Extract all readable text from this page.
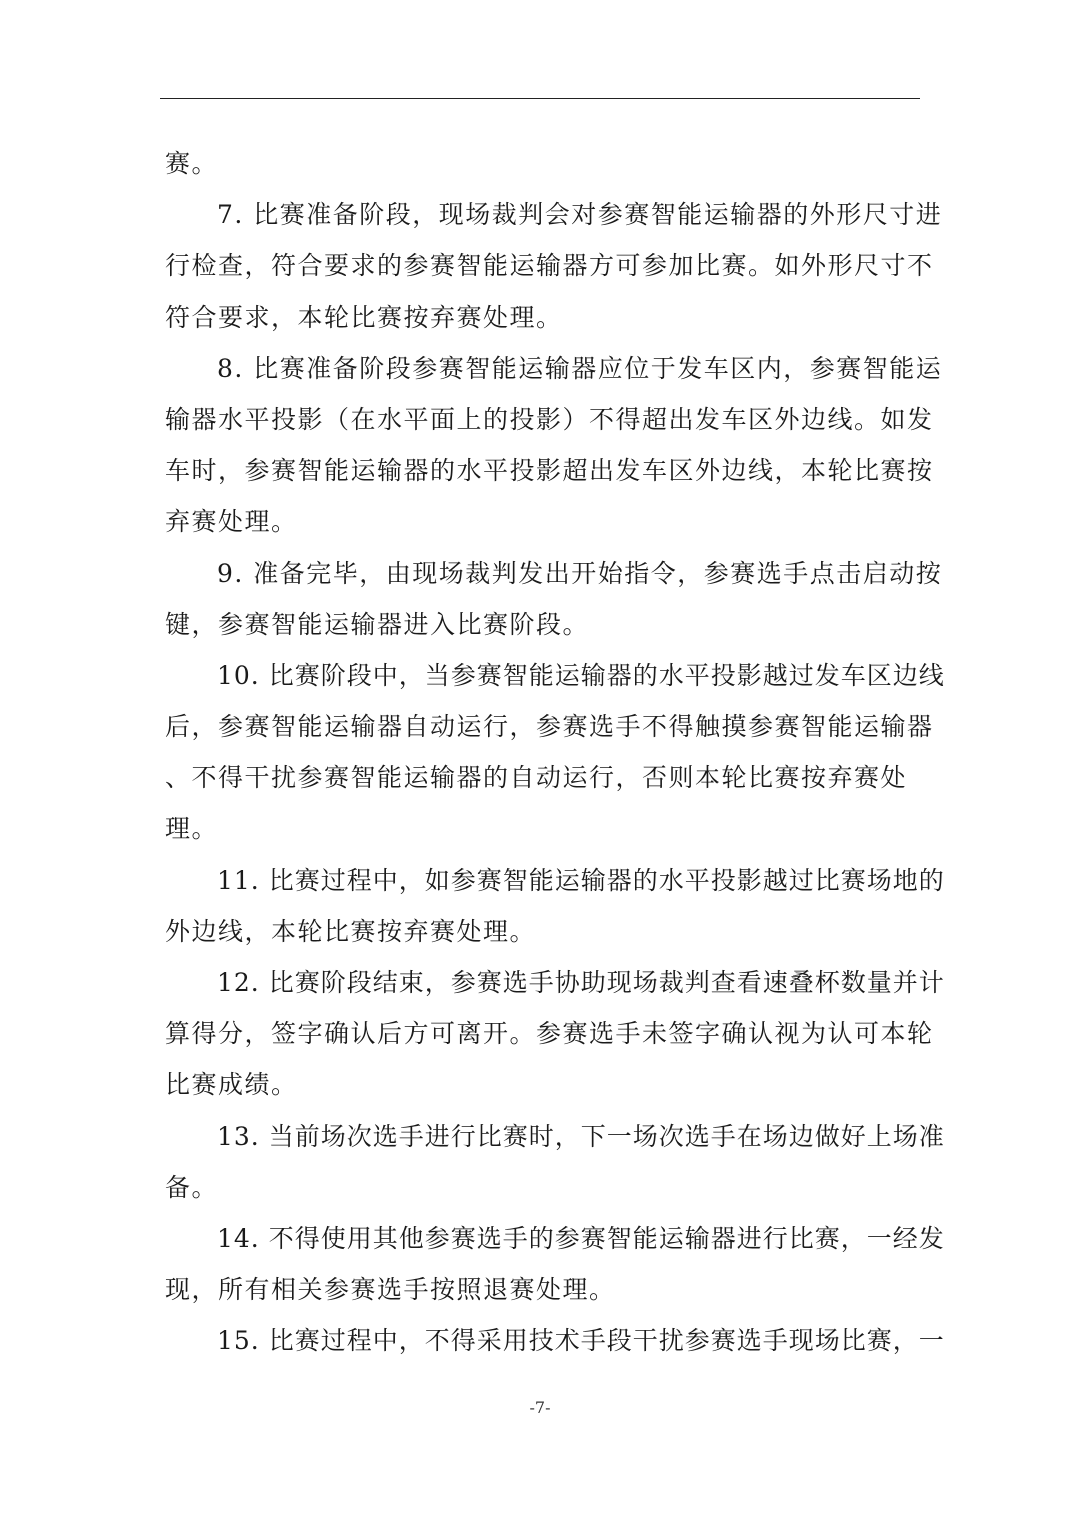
赛。
7. 比赛准备阶段，现场裁判会对参赛智能运输器的外形尺寸进
行检查，符合要求的参赛智能运输器方可参加比赛。如外形尺寸不
符合要求，本轮比赛按弃赛处理。
8. 比赛准备阶段参赛智能运输器应位于发车区内，参赛智能运
输器水平投影（在水平面上的投影）不得超出发车区外边线。如发
车时，参赛智能运输器的水平投影超出发车区外边线，本轮比赛按
弃赛处理。
9. 准备完毕，由现场裁判发出开始指令，参赛选手点击启动按
键，参赛智能运输器进入比赛阶段。
10. 比赛阶段中，当参赛智能运输器的水平投影越过发车区边线
后，参赛智能运输器自动运行，参赛选手不得触摸参赛智能运输器
、不得干扰参赛智能运输器的自动运行，否则本轮比赛按弃赛处
理。
11. 比赛过程中，如参赛智能运输器的水平投影越过比赛场地的
外边线，本轮比赛按弃赛处理。
12. 比赛阶段结束，参赛选手协助现场裁判查看速叠杯数量并计
算得分，签字确认后方可离开。参赛选手未签字确认视为认可本轮
比赛成绩。
13. 当前场次选手进行比赛时，下一场次选手在场边做好上场准
备。
14. 不得使用其他参赛选手的参赛智能运输器进行比赛，一经发
现，所有相关参赛选手按照退赛处理。
15. 比赛过程中，不得采用技术手段干扰参赛选手现场比赛，一
-7-
